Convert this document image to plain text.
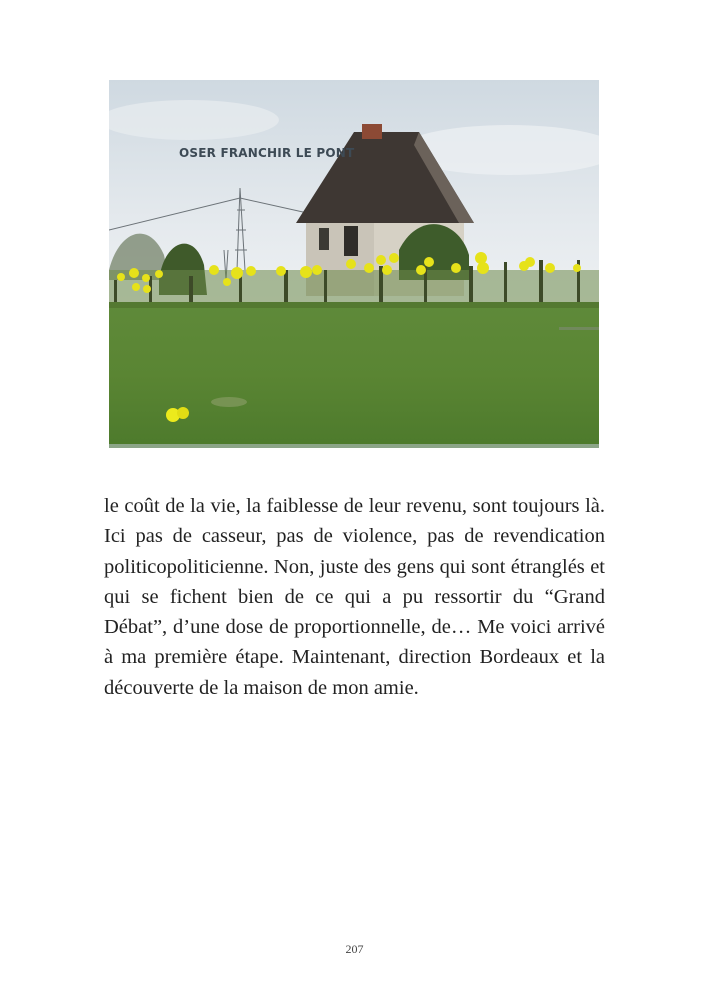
OSER FRANCHIR LE PONT

le coût de la vie, la faiblesse de leur revenu, sont toujours là. Ici pas de casseur, pas de violence, pas de revendication politicopoliticienne. Non, juste des gens qui sont étranglés et qui se fichent bien de ce qui a pu ressortir du “Grand Débat”, d’une dose de proportionnelle, de… Me voici arrivé à ma première étape. Maintenant, direction Bordeaux et la découverte de la maison de mon amie.

207
